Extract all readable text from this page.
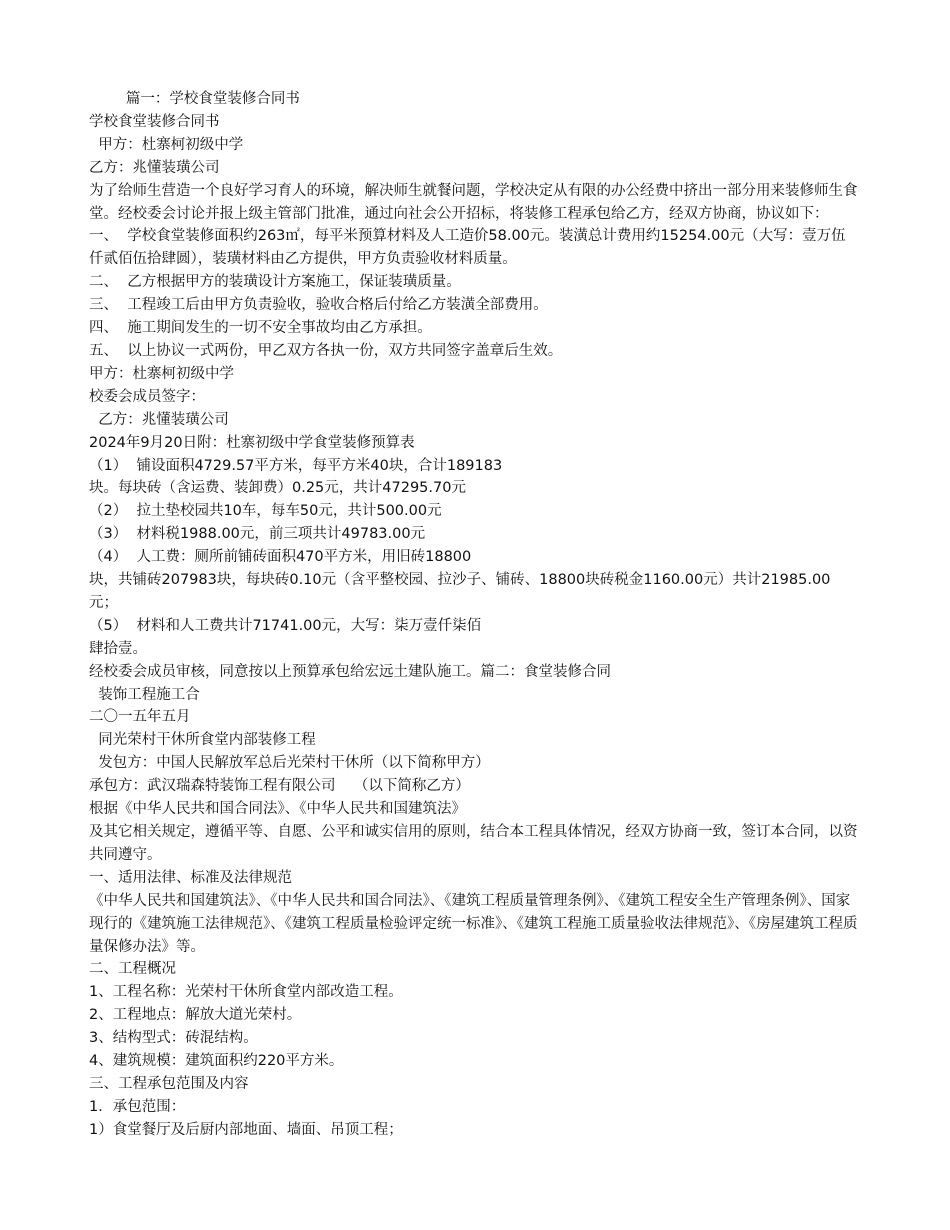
篇一：学校食堂装修合同书
学校食堂装修合同书
甲方：杜寨柯初级中学
乙方：兆懂装璜公司
为了给师生营造一个良好学习育人的环境，解决师生就餐问题，学校决定从有限的办公经费中挤出一部分用来装修师生食堂。经校委会讨论并报上级主管部门批准，通过向社会公开招标，将装修工程承包给乙方，经双方协商，协议如下：
一、  学校食堂装修面积约263㎡，每平米预算材料及人工造价58.00元。装潢总计费用约15254.00元（大写：壹万伍仟贰佰伍拾肆圆），装璜材料由乙方提供，甲方负责验收材料质量。
二、  乙方根据甲方的装璜设计方案施工，保证装璜质量。
三、  工程竣工后由甲方负责验收，验收合格后付给乙方装潢全部费用。
四、  施工期间发生的一切不安全事故均由乙方承担。
五、  以上协议一式两份，甲乙双方各执一份，双方共同签字盖章后生效。
甲方：杜寨柯初级中学
校委会成员签字：
乙方：兆懂装璜公司
2024年9月20日附：杜寨初级中学食堂装修预算表
（1）  铺设面积4729.57平方米，每平方米40块，合计189183
块。每块砖（含运费、装卸费）0.25元，共计47295.70元
（2）  拉土垫校园共10车，每车50元，共计500.00元
（3）  材料税1988.00元，前三项共计49783.00元
（4）  人工费：厕所前铺砖面积470平方米，用旧砖18800
块，共铺砖207983块，每块砖0.10元（含平整校园、拉沙子、铺砖、18800块砖税金1160.00元）共计21985.00元；
（5）  材料和人工费共计71741.00元，大写：柒万壹仟柒佰
肆拾壹。
经校委会成员审核，同意按以上预算承包给宏远土建队施工。篇二：食堂装修合同
装饰工程施工合
二〇一五年五月
同光荣村干休所食堂内部装修工程
发包方：中国人民解放军总后光荣村干休所（以下简称甲方）
承包方：武汉瑞森特装饰工程有限公司    （以下简称乙方）
根据《中华人民共和国合同法》、《中华人民共和国建筑法》
及其它相关规定，遵循平等、自愿、公平和诚实信用的原则，结合本工程具体情况，经双方协商一致，签订本合同，以资共同遵守。
一、适用法律、标准及法律规范
《中华人民共和国建筑法》、《中华人民共和国合同法》、《建筑工程质量管理条例》、《建筑工程安全生产管理条例》、国家现行的《建筑施工法律规范》、《建筑工程质量检验评定统一标准》、《建筑工程施工质量验收法律规范》、《房屋建筑工程质量保修办法》等。
二、工程概况
1、工程名称：光荣村干休所食堂内部改造工程。
2、工程地点：解放大道光荣村。
3、结构型式：砖混结构。
4、建筑规模：建筑面积约220平方米。
三、工程承包范围及内容
1．承包范围：
1）食堂餐厅及后厨内部地面、墙面、吊顶工程；
